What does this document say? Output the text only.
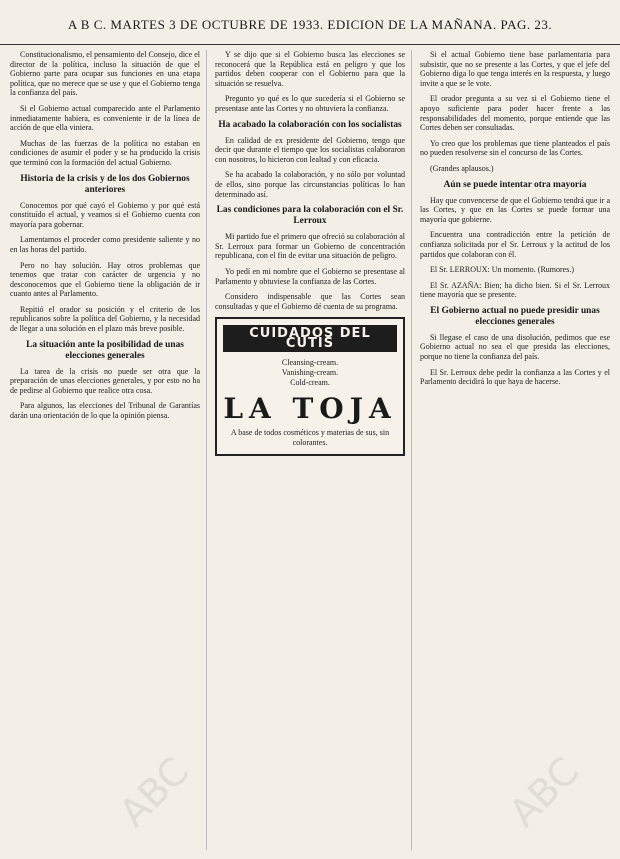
A B C. MARTES 3 DE OCTUBRE DE 1933. EDICION DE LA MAÑANA. PAG. 23.

Constitucionalismo, el pensamiento del Consejo, dice el director de la política, incluso la situación de que el Gobierno parte para ocupar sus funciones en una etapa política, que no merece que se use y que el Gobierno tenga la confianza del país.

Si el Gobierno actual comparecido ante el Parlamento inmediatamente habiera, es conveniente ir de la línea de acción de que ella viniera.

Muchas de las fuerzas de la política no estaban en condiciones de asumir el poder y se ha producido la crisis que terminó con la formación del actual Gobierno.

Historia de la crisis y de los dos Gobiernos anteriores

Conocemos por qué cayó el Gobierno y por qué está constituído el actual, y veamos si el Gobierno cuenta con mayoría para gobernar.

Lamentamos el proceder como presidente saliente y no en las horas del partido.

Pero no hay solución. Hay otros problemas que tenemos que tratar con carácter de urgencia y no desconocemos que el Gobierno tiene la obligación de ir cuanto antes al Parlamento.

Repitió el orador su posición y el criterio de los republicanos sobre la política del Gobierno, y la necesidad de llegar a una solución en el plazo más breve posible.

La situación ante la posibilidad de unas elecciones generales

La tarea de la crisis no puede ser otra que la preparación de unas elecciones generales, y por esto no ha de pedirse al Gobierno que realice otra cosa.

Para algunos, las elecciones del Tribunal de Garantías darán una orientación de lo que la opinión piensa.

Y se dijo que si el Gobierno busca las elecciones se reconocerá que la República está en peligro y que los partidos deben cooperar con el Gobierno para que la situación se resuelva.

Pregunto yo qué es lo que sucedería si el Gobierno se presentase ante las Cortes y no obtuviera la confianza.

Ha acabado la colaboración con los socialistas

En calidad de ex presidente del Gobierno, tengo que decir que durante el tiempo que los socialistas colaboraron con nosotros, lo hicieron con lealtad y con eficacia.

Se ha acabado la colaboración, y no sólo por voluntad de ellos, sino porque las circunstancias políticas lo han determinado así.

Las condiciones para la colaboración con el Sr. Lerroux

Mi partido fue el primero que ofreció su colaboración al Sr. Lerroux para formar un Gobierno de concentración republicana, con el fin de evitar una situación de peligro.

Yo pedí en mi nombre que el Gobierno se presentase al Parlamento y obtuviese la confianza de las Cortes.

Considero indispensable que las Cortes sean consultadas y que el Gobierno dé cuenta de su programa.

CUIDADOS DEL CUTIS
Cleansing-cream.
Vanishing-cream.
Cold-cream.
LA TOJA
A base de todos cosméticos y materias de sus, sin colorantes.

Si el actual Gobierno tiene base parlamentaria para subsistir, que no se presente a las Cortes, y que el jefe del Gobierno diga lo que tenga interés en la respuesta, y luego invite a que se le vote.

El orador pregunta a su vez si el Gobierno tiene el apoyo suficiente para poder hacer frente a las responsabilidades del momento, porque entiende que las Cortes deben ser consultadas.

Yo creo que los problemas que tiene planteados el país no pueden resolverse sin el concurso de las Cortes.

(Grandes aplausos.)

Aún se puede intentar otra mayoría

Hay que convencerse de que el Gobierno tendrá que ir a las Cortes, y que en las Cortes se puede formar una mayoría que gobierne.

Encuentra una contradicción entre la petición de confianza solicitada por el Sr. Lerroux y la actitud de los partidos que colaboran con él.

El Sr. LERROUX: Un momento. (Rumores.)

El Sr. AZAÑA: Bien; ha dicho bien. Si el Sr. Lerroux tiene mayoría que se presente.

El Gobierno actual no puede presidir unas elecciones generales

Si llegase el caso de una disolución, pedimos que ese Gobierno actual no sea el que presida las elecciones, porque no tiene la confianza del país.

El Sr. Lerroux debe pedir la confianza a las Cortes y el Parlamento decidirá lo que haya de hacerse.

ABC	ABC
